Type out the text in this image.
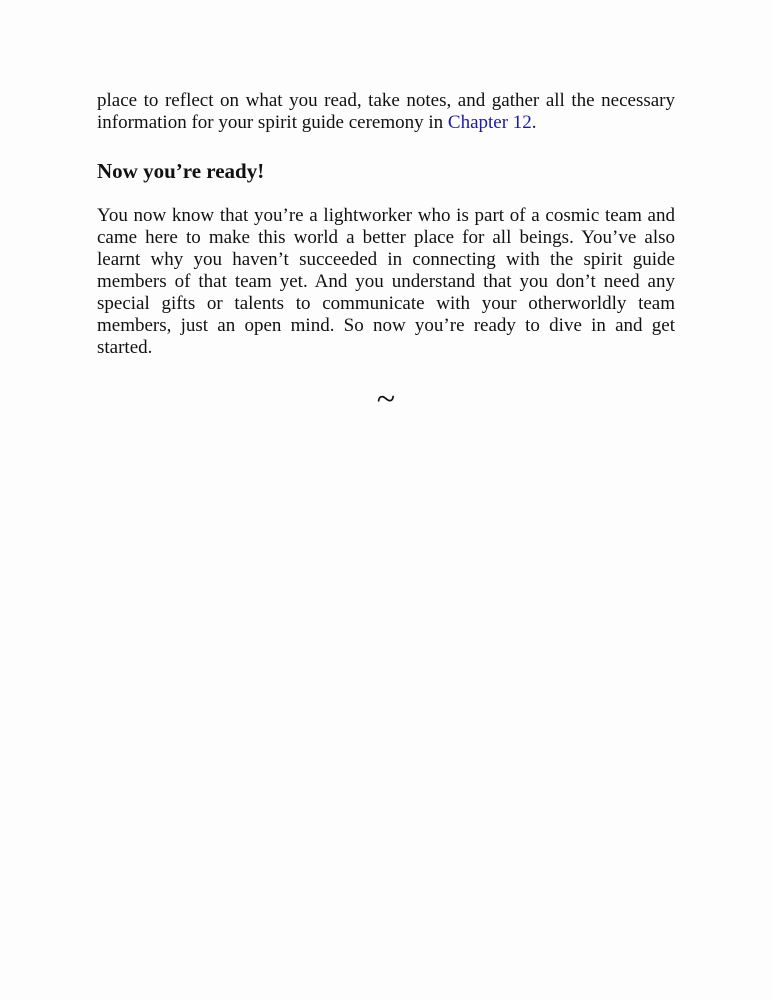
place to reflect on what you read, take notes, and gather all the necessary information for your spirit guide ceremony in Chapter 12.

Now you’re ready!

You now know that you’re a lightworker who is part of a cosmic team and came here to make this world a better place for all beings. You’ve also learnt why you haven’t succeeded in connecting with the spirit guide members of that team yet. And you understand that you don’t need any special gifts or talents to communicate with your otherworldly team members, just an open mind. So now you’re ready to dive in and get started.

~
